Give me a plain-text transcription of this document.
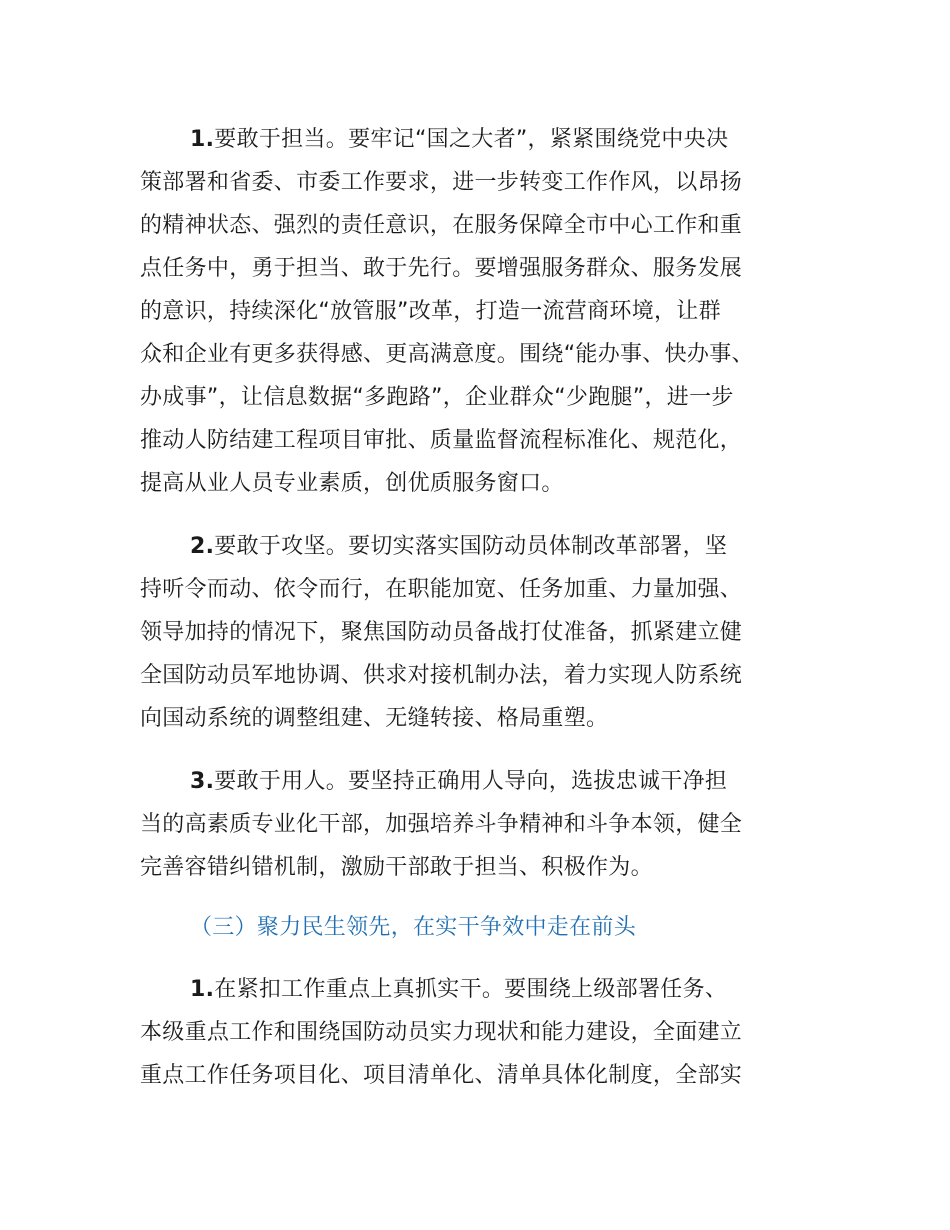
1.要敢于担当。要牢记“国之大者”，紧紧围绕党中央决
策部署和省委、市委工作要求，进一步转变工作作风，以昂扬
的精神状态、强烈的责任意识，在服务保障全市中心工作和重
点任务中，勇于担当、敢于先行。要增强服务群众、服务发展
的意识，持续深化“放管服”改革，打造一流营商环境，让群
众和企业有更多获得感、更高满意度。围绕“能办事、快办事、
办成事”，让信息数据“多跑路”，企业群众“少跑腿”，进一步
推动人防结建工程项目审批、质量监督流程标准化、规范化，
提高从业人员专业素质，创优质服务窗口。
2.要敢于攻坚。要切实落实国防动员体制改革部署，坚
持听令而动、依令而行，在职能加宽、任务加重、力量加强、
领导加持的情况下，聚焦国防动员备战打仗准备，抓紧建立健
全国防动员军地协调、供求对接机制办法，着力实现人防系统
向国动系统的调整组建、无缝转接、格局重塑。
3.要敢于用人。要坚持正确用人导向，选拔忠诚干净担
当的高素质专业化干部，加强培养斗争精神和斗争本领，健全
完善容错纠错机制，激励干部敢于担当、积极作为。
（三）聚力民生领先，在实干争效中走在前头
1.在紧扣工作重点上真抓实干。要围绕上级部署任务、
本级重点工作和围绕国防动员实力现状和能力建设，全面建立
重点工作任务项目化、项目清单化、清单具体化制度，全部实
